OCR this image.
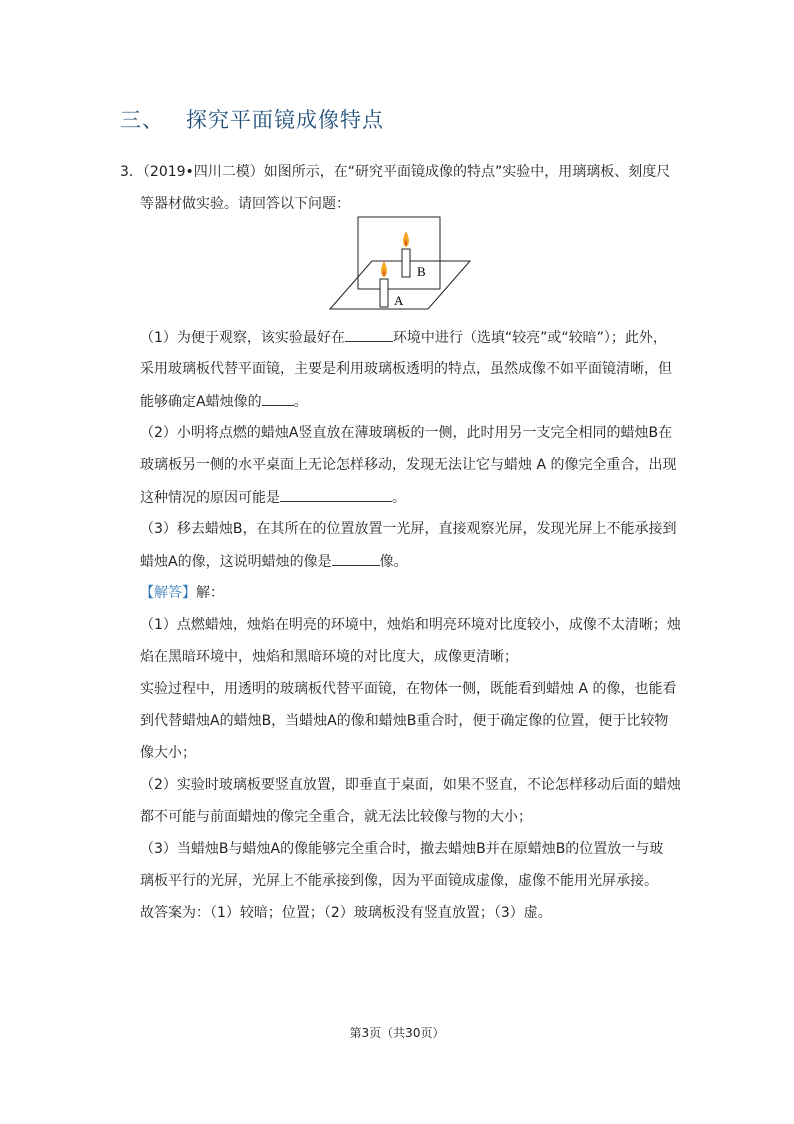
三、 探究平面镜成像特点
3．（2019•四川二模）如图所示，在“研究平面镜成像的特点”实验中，用璃璃板、刻度尺
等器材做实验。请回答以下问题：
B
A
（1）为便于观察，该实验最好在	环境中进行（选填“较亮”或“较暗”）；此外，
采用玻璃板代替平面镜，主要是利用玻璃板透明的特点，虽然成像不如平面镜清晰，但
能够确定A蜡烛像的 。
（2）小明将点燃的蜡烛A竖直放在薄玻璃板的一侧，此时用另一支完全相同的蜡烛B在
玻璃板另一侧的水平桌面上无论怎样移动，发现无法让它与蜡烛 A 的像完全重合，出现
这种情况的原因可能是	。
（3）移去蜡烛B，在其所在的位置放置一光屏，直接观察光屏，发现光屏上不能承接到
蜡烛A的像，这说明蜡烛的像是	像。
【解答】解：
（1）点燃蜡烛，烛焰在明亮的环境中，烛焰和明亮环境对比度较小，成像不太清晰；烛
焰在黑暗环境中，烛焰和黑暗环境的对比度大，成像更清晰；
实验过程中，用透明的玻璃板代替平面镜，在物体一侧，既能看到蜡烛 A 的像，也能看
到代替蜡烛A的蜡烛B，当蜡烛A的像和蜡烛B重合时，便于确定像的位置，便于比较物
像大小；
（2）实验时玻璃板要竖直放置，即垂直于桌面，如果不竖直，不论怎样移动后面的蜡烛
都不可能与前面蜡烛的像完全重合，就无法比较像与物的大小；
（3）当蜡烛B与蜡烛A的像能够完全重合时，撤去蜡烛B并在原蜡烛B的位置放一与玻
璃板平行的光屏，光屏上不能承接到像，因为平面镜成虚像，虚像不能用光屏承接。
故答案为：（1）较暗；位置；（2）玻璃板没有竖直放置；（3）虚。
第3页（共30页）
